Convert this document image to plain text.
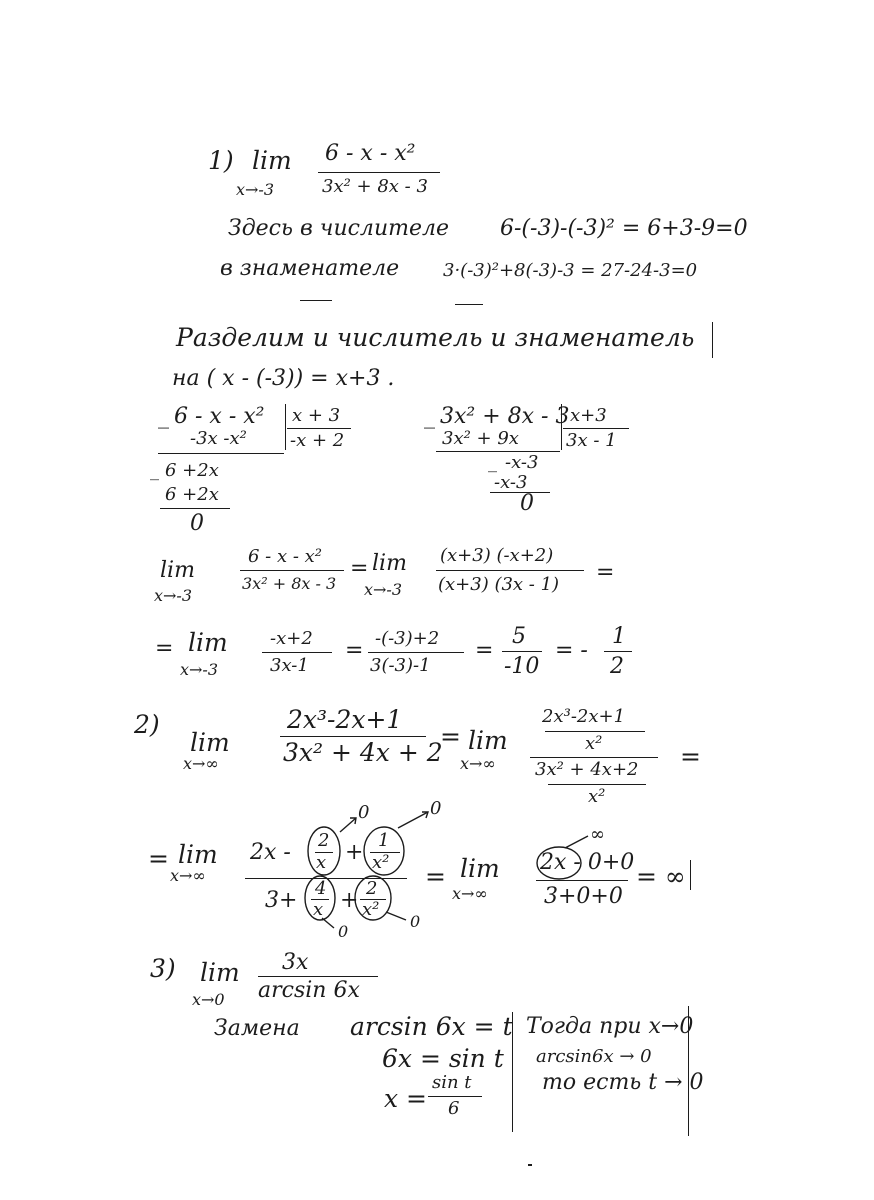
1) lim
x→-3
6 - x - x²
3x² + 8x - 3
Здесь в числителе 6-(-3)-(-3)² = 6+3-9=0
в знаменателе 3·(-3)²+8(-3)-3 = 27-24-3=0
Разделим и числитель и знаменатель
на ( x - (-3)) = x+3 .
_ 6 - x - x² x + 3
-3x -x² -x + 2
_ 6 +2x
6 +2x
0
_ 3x² + 8x - 3 x+3
3x² + 9x	3x - 1
_ -x-3
-x-3
0
lim
x→-3
6 - x - x²
3x² + 8x - 3
= lim
x→-3
(x+3) (-x+2)
(x+3) (3x - 1) =
= lim
x→-3
-x+2
3x-1
= -(-3)+2
3(-3)-1
=
5
-10
= -
1
2
2)
lim
x→∞
2x³-2x+1
3x² + 4x + 2
= lim
x→∞
2x³-2x+1
x²
3x² + 4x+2
x²
=
= lim
x→∞
2x - 2
x + 1
x²
3+ 4
x + 2
x²
0	0
0
0
= lim
x→∞
2x - 0+0
3+0+0
= ∞
∞
3) lim
x→0
3x
arcsin 6x
Замена arcsin 6x = t
6x = sin t
x =
sin t
6
Тогда при x→0
arcsin6x → 0
то есть t → 0
